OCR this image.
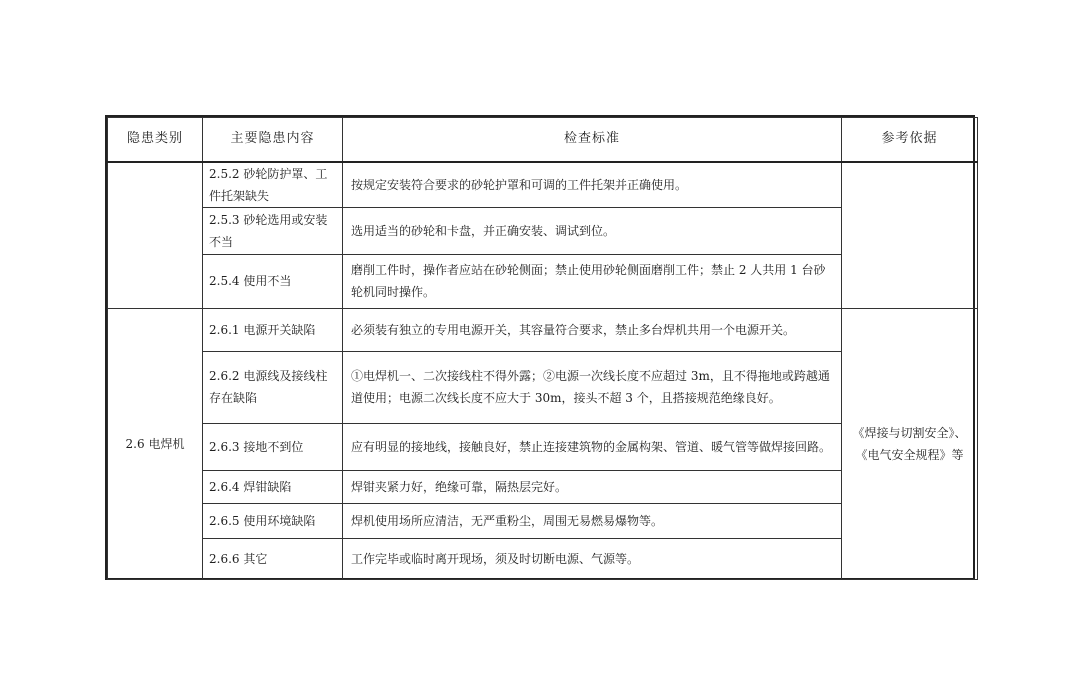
隐患类别	主要隐患内容	检查标准	参考依据
	2.5.2 砂轮防护罩、工件托架缺失	按规定安装符合要求的砂轮护罩和可调的工件托架并正确使用。	
	2.5.3 砂轮选用或安装不当	选用适当的砂轮和卡盘，并正确安装、调试到位。	
	2.5.4 使用不当	磨削工件时，操作者应站在砂轮侧面；禁止使用砂轮侧面磨削工件；禁止 2 人共用 1 台砂轮机同时操作。	
2.6 电焊机	2.6.1 电源开关缺陷	必须装有独立的专用电源开关，其容量符合要求，禁止多台焊机共用一个电源开关。	《焊接与切割安全》、《电气安全规程》等
	2.6.2 电源线及接线柱存在缺陷	①电焊机一、二次接线柱不得外露；②电源一次线长度不应超过 3m，且不得拖地或跨越通道使用；电源二次线长度不应大于 30m，接头不超 3 个，且搭接规范绝缘良好。	
	2.6.3 接地不到位	应有明显的接地线，接触良好，禁止连接建筑物的金属构架、管道、暖气管等做焊接回路。	
	2.6.4 焊钳缺陷	焊钳夹紧力好，绝缘可靠，隔热层完好。	
	2.6.5 使用环境缺陷	焊机使用场所应清洁，无严重粉尘，周围无易燃易爆物等。	
	2.6.6 其它	工作完毕或临时离开现场，须及时切断电源、气源等。	
